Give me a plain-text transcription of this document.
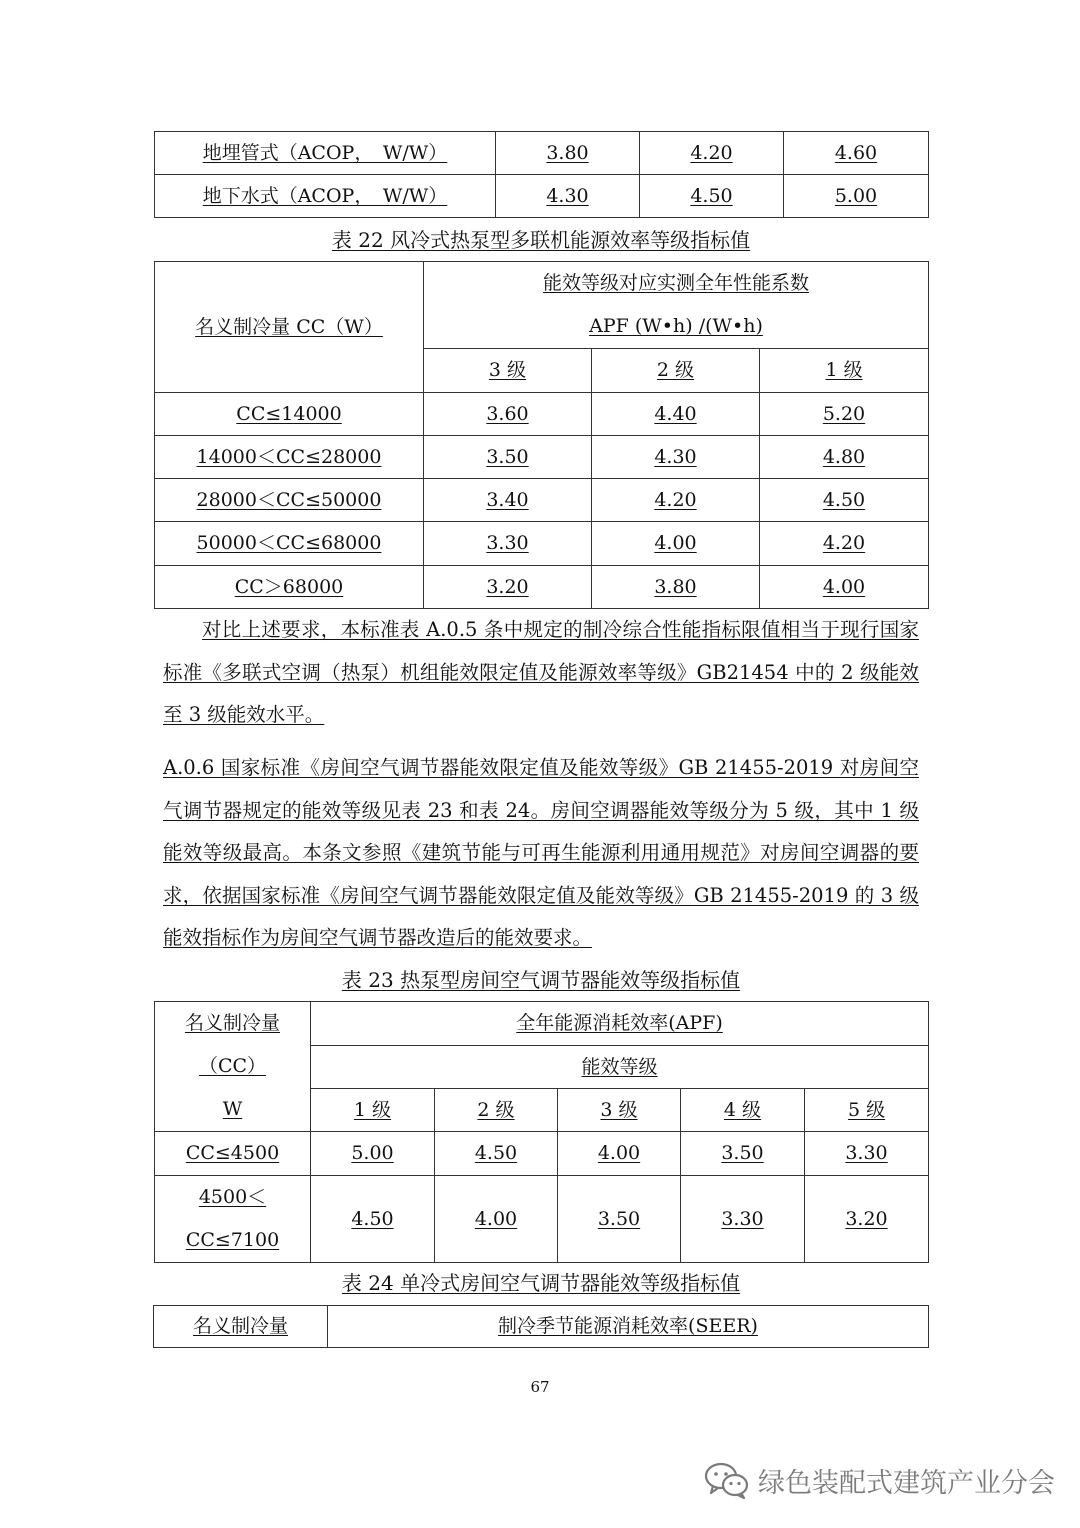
地埋管式（ACOP，　W/W）	3.80	4.20	4.60
地下水式（ACOP，　W/W）	4.30	4.50	5.00
表 22 风冷式热泵型多联机能源效率等级指标值
名义制冷量 CC（W）	能效等级对应实测全年性能系数
APF (W•h) /(W•h)		

	3 级	2 级	1 级
CC≤14000	3.60	4.40	5.20
14000＜CC≤28000	3.50	4.30	4.80
28000＜CC≤50000	3.40	4.20	4.50
50000＜CC≤68000	3.30	4.00	4.20
CC＞68000	3.20	3.80	4.00

对比上述要求，本标准表 A.0.5 条中规定的制冷综合性能指标限值相当于现行国家标准《多联式空调（热泵）机组能效限定值及能源效率等级》GB21454 中的 2 级能效至 3 级能效水平。

A.0.6 国家标准《房间空气调节器能效限定值及能效等级》GB 21455-2019 对房间空气调节器规定的能效等级见表 23 和表 24。房间空调器能效等级分为 5 级，其中 1 级能效等级最高。本条文参照《建筑节能与可再生能源利用通用规范》对房间空调器的要求，依据国家标准《房间空气调节器能效限定值及能效等级》GB 21455-2019 的 3 级能效指标作为房间空气调节器改造后的能效要求。

表 23 热泵型房间空气调节器能效等级指标值
名义制冷量
（CC）
W	全年能源消耗效率(APF)				
	能效等级				
	1 级	2 级	3 级	4 级	5 级
CC≤4500	5.00	4.50	4.00	3.50	3.30

4500＜
CC≤7100	4.50	4.00	3.50	3.30	3.20
表 24 单冷式房间空气调节器能效等级指标值
名义制冷量	制冷季节能源消耗效率(SEER)
67
绿色装配式建筑产业分会
